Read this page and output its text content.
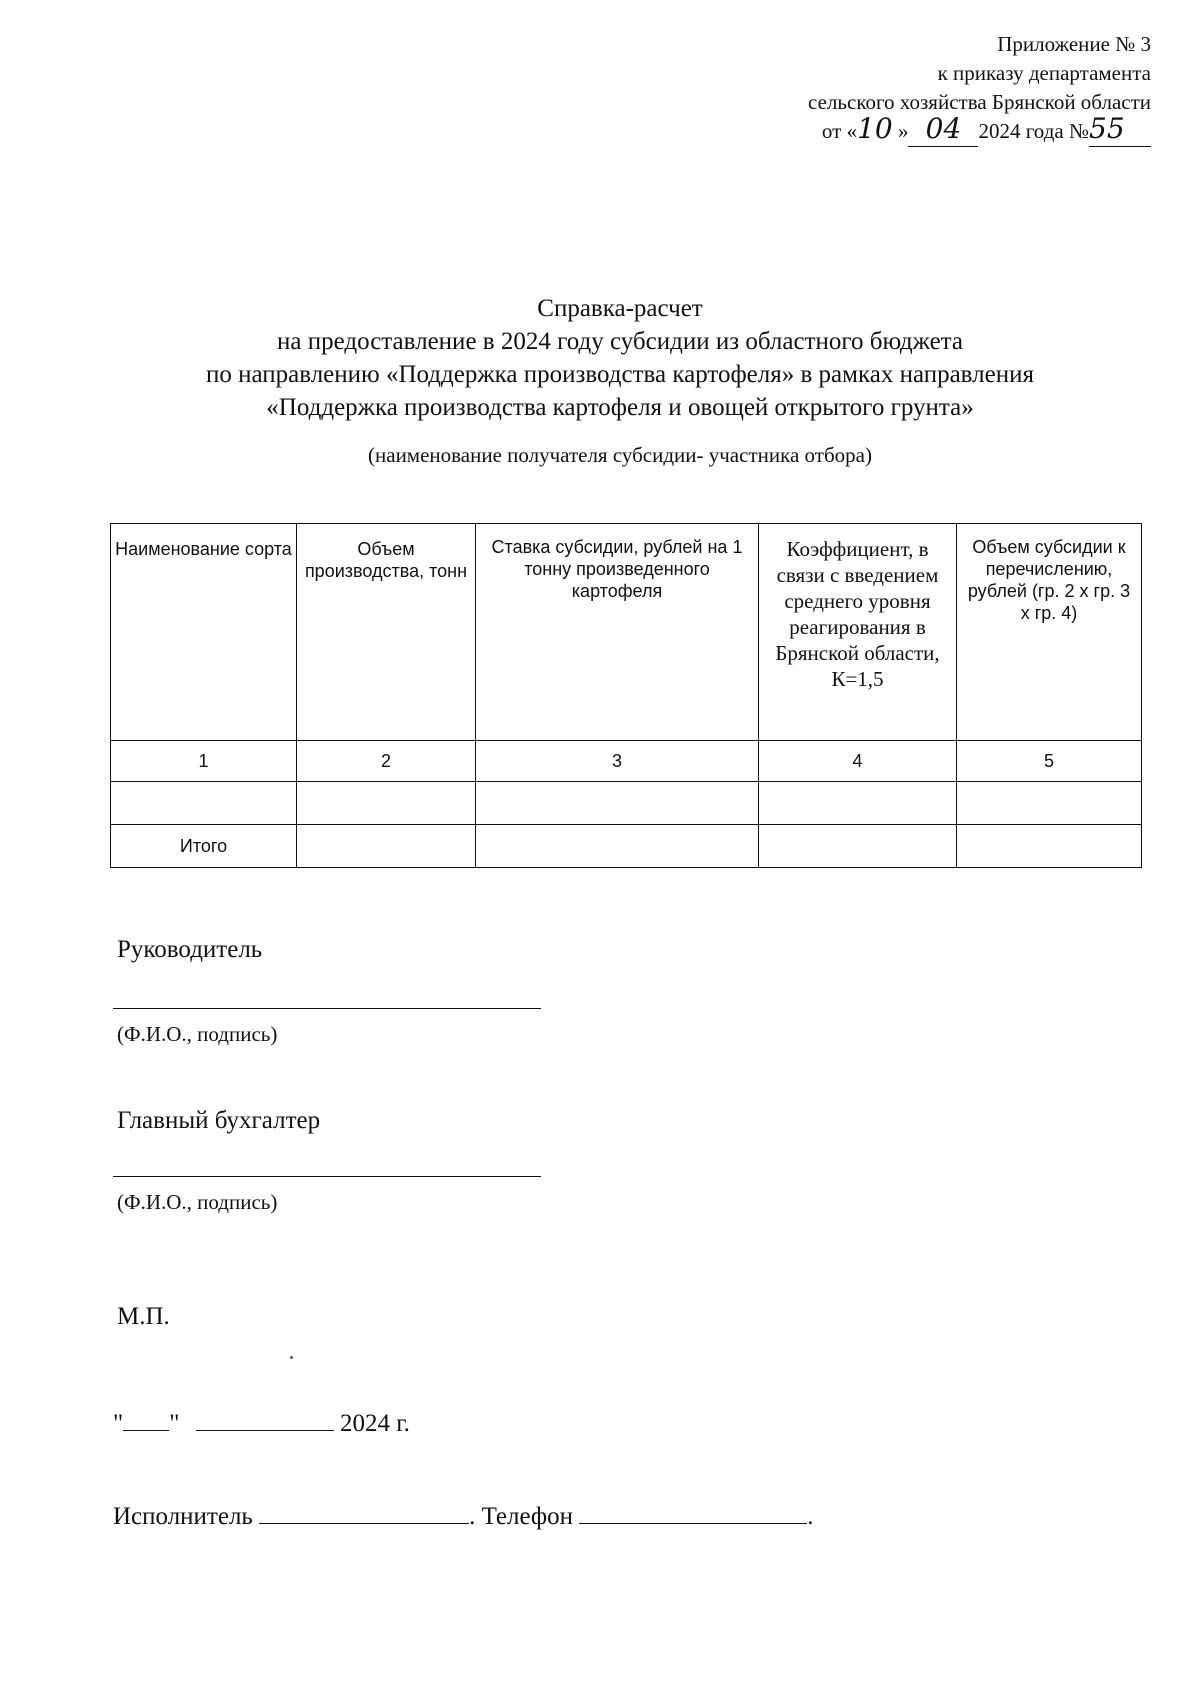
Приложение № 3
к приказу департамента
сельского хозяйства Брянской области
от «10 » 04 2024 года №55
Справка-расчет
на предоставление в 2024 году субсидии из областного бюджета
по направлению «Поддержка производства картофеля» в рамках направления
«Поддержка производства картофеля и овощей открытого грунта»
(наименование получателя субсидии- участника отбора)
Наименование сорта	Объем производства, тонн	Ставка субсидии, рублей на 1 тонну произведенного картофеля	Коэффициент, в связи с введением среднего уровня реагирования в Брянской области, К=1,5	Объем субсидии к перечислению, рублей (гр. 2 х гр. 3 х гр. 4)
1	2	3	4	5

Итого				
Руководитель
(Ф.И.О., подпись)
Главный бухгалтер
(Ф.И.О., подпись)
М.П.
" "	2024 г.
Исполнитель	. Телефон	.
